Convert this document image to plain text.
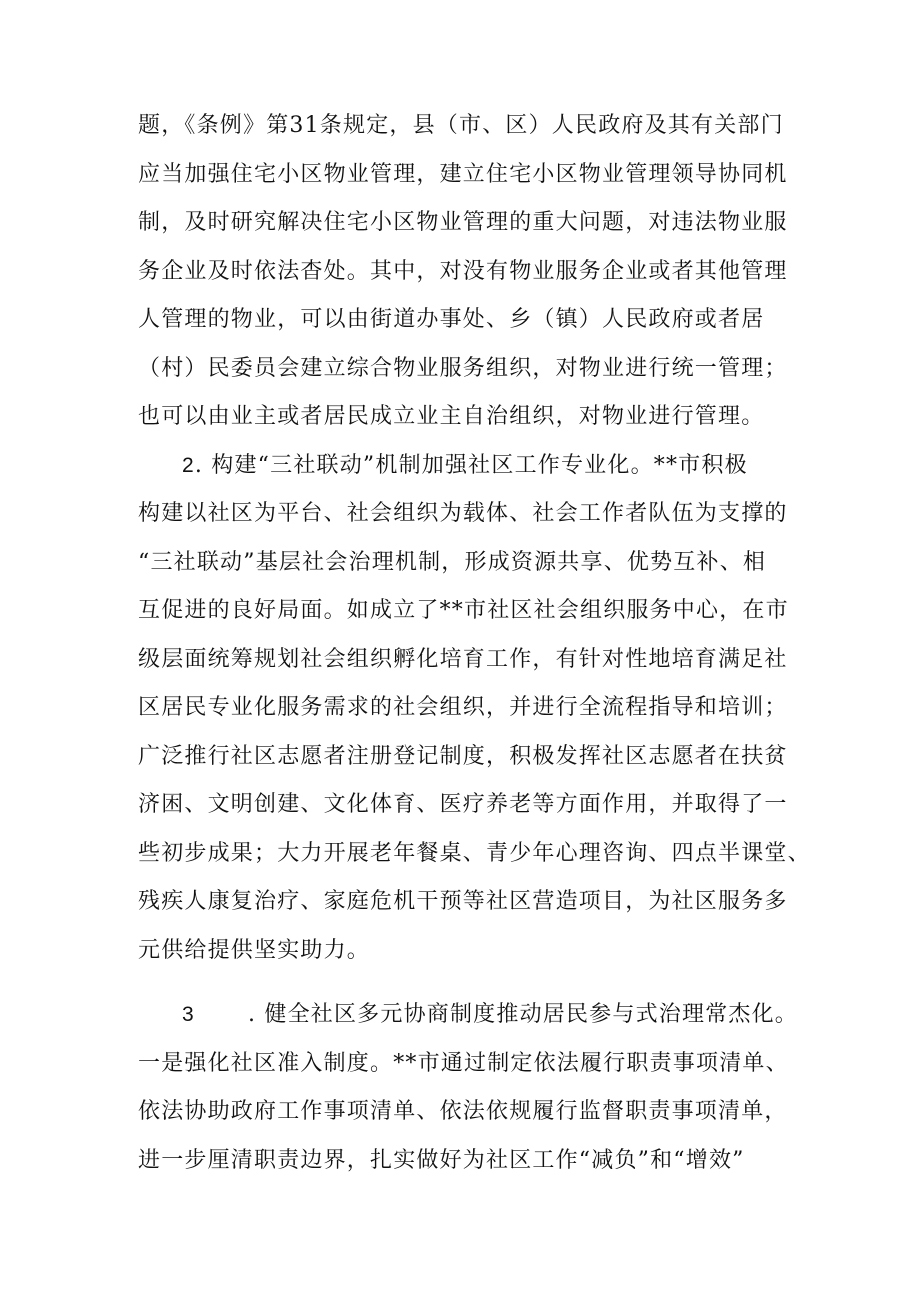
题，《条例》第31条规定，县（市、区）人民政府及其有关部门
应当加强住宅小区物业管理，建立住宅小区物业管理领导协同机
制，及时研究解决住宅小区物业管理的重大问题，对违法物业服
务企业及时依法杳处。其中，对没有物业服务企业或者其他管理
人管理的物业，可以由街道办事处、乡（镇）人民政府或者居
（村）民委员会建立综合物业服务组织，对物业进行统一管理；
也可以由业主或者居民成立业主自治组织，对物业进行管理。
2. 构建“三社联动”机制加强社区工作专业化。**市积极
构建以社区为平台、社会组织为载体、社会工作者队伍为支撑的
“三社联动”基层社会治理机制，形成资源共享、优势互补、相
互促进的良好局面。如成立了**市社区社会组织服务中心，在市
级层面统筹规划社会组织孵化培育工作，有针对性地培育满足社
区居民专业化服务需求的社会组织，并进行全流程指导和培训；
广泛推行社区志愿者注册登记制度，积极发挥社区志愿者在扶贫
济困、文明创建、文化体育、医疗养老等方面作用，并取得了一
些初步成果；大力开展老年餐桌、青少年心理咨询、四点半课堂、
残疾人康复治疗、家庭危机干预等社区营造项目，为社区服务多
元供给提供坚实助力。
3 . 健全社区多元协商制度推动居民参与式治理常杰化。
一是强化社区准入制度。**市通过制定依法履行职责事项清单、
依法协助政府工作事项清单、依法依规履行监督职责事项清单，
进一步厘清职责边界，扎实做好为社区工作“减负”和“增效”
